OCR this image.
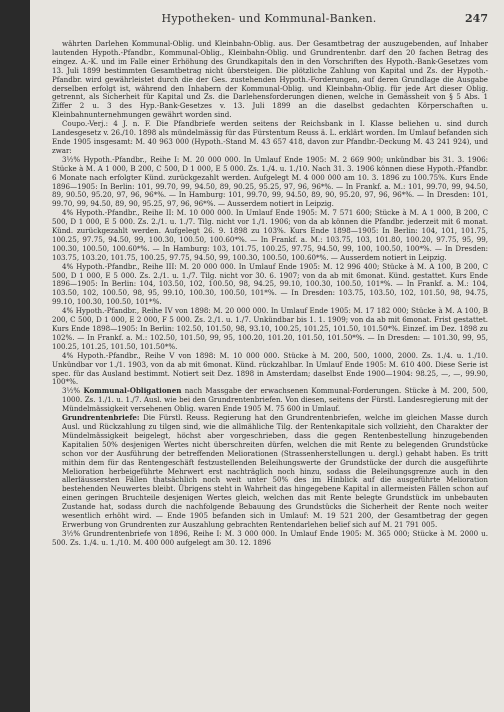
Hypotheken- und Kommunal-Banken.	247

währten Darlehen Kommunal-Oblig. und Kleinbahn-Oblig. aus. Der Gesamtbetrag der auszugebenden, auf Inhaber lautenden Hypoth.-Pfandbr., Kommunal-Oblig., Kleinbahn-Oblig. und Grundrentenbr. darf den 20 fachen Betrag des eingez. A.-K. und im Falle einer Erhöhung des Grundkapitals den in den Vorschriften des Hypoth.-Bank-Gesetzes vom 13. Juli 1899 bestimmten Gesamtbetrag nicht übersteigen. Die plötzliche Zahlung von Kapital und Zs. der Hypoth.-Pfandbr. wird gewährleistet durch die der Ges. zustehenden Hypoth.-Forderungen, auf deren Grundlage die Ausgabe derselben erfolgt ist, während den Inhabern der Kommunal-Oblig. und Kleinbahn-Oblig. für jede Art dieser Oblig. getrennt, als Sicherheit für Kapital und Zs. die Darlehensforderungen dienen, welche in Gemässheit von § 5 Abs. 1 Ziffer 2 u. 3 des Hyp.-Bank-Gesetzes v. 13. Juli 1899 an die daselbst gedachten Körperschaften u. Kleinbahnunternehmungen gewährt worden sind.

Coupo.-Verj.: 4 J. n. F. Die Pfandbriefe werden seitens der Reichsbank in I. Klasse beliehen u. sind durch Landesgesetz v. 26./10. 1898 als mündelmässig für das Fürstentum Reuss ä. L. erklärt worden. Im Umlauf befanden sich Ende 1905 insgesamt: M. 40 963 000 (Hypoth.-Stand M. 43 657 418, davon zur Pfandbr.-Deckung M. 43 241 924), und zwar:

3½% Hypoth.-Pfandbr., Reihe I: M. 20 000 000. In Umlauf Ende 1905: M. 2 669 900; unkündbar bis 31. 3. 1906: Stücke à M. A 1 000, B 200, C 500, D 1 000, E 5 000. Zs. 1./4. u. 1./10. Nach 31. 3. 1906 können diese Hypoth.-Pfandbr. 6 Monate nach erfolgter Künd. zurückgezahlt werden. Aufgelegt M. 4 000 000 am 10. 3. 1896 zu 100.75%. Kurs Ende 1896—1905: In Berlin: 101, 99.70, 99, 94.50, 89, 90.25, 95.25, 97, 96, 96*%. — In Frankf. a. M.: 101, 99.70, 99, 94.50, 89, 90.50, 95.20, 97, 96, 96*%. — In Hamburg: 101, 99.70, 99, 94.50, 89, 90, 95.20, 97, 96, 96*%. — In Dresden: 101, 99.70, 99, 94.50, 89, 90, 95.25, 97, 96, 96*%. — Ausserdem notiert in Leipzig.

4% Hypoth.-Pfandbr., Reihe II: M. 10 000 000. In Umlauf Ende 1905: M. 7 571 600; Stücke à M. A 1 000, B 200, C 500, D 1 000, E 5 000. Zs. 2./1. u. 1./7. Tilg. nicht vor 1./1. 1906; von da ab können die Pfandbr. jederzeit mit 6 monat. Künd. zurückgezahlt werden. Aufgelegt 26. 9. 1898 zu 103%. Kurs Ende 1898—1905: In Berlin: 104, 101, 101.75, 100.25, 97.75, 94.50, 99, 100.30, 100.50, 100.60*%. — In Frankf. a. M.: 103.75, 103, 101.80, 100.20, 97.75, 95, 99, 100.30, 100.50, 100.60*%. — In Hamburg: 103, 101.75, 100.25, 97.75, 94.50, 99, 100, 100.50, 100*%. — In Dresden: 103.75, 103.20, 101.75, 100.25, 97.75, 94.50, 99, 100.30, 100.50, 100.60*%. — Ausserdem notiert in Leipzig.

4% Hypoth.-Pfandbr., Reihe III: M. 20 000 000. In Umlauf Ende 1905: M. 12 996 400; Stücke à M. A 100, B 200, C 500, D 1 000, E 5 000. Zs. 2./1. u. 1./7. Tilg. nicht vor 30. 6. 1907; von da ab mit 6monat. Künd. gestattet. Kurs Ende 1896—1905: In Berlin: 104, 103.50, 102, 100.50, 98, 94.25, 99.10, 100.30, 100.50, 101*%. — In Frankf. a. M.: 104, 103.50, 102, 100.50, 98, 95, 99.10, 100.30, 100.50, 101*%. — In Dresden: 103.75, 103.50, 102, 101.50, 98, 94.75, 99.10, 100.30, 100.50, 101*%.

4% Hypoth.-Pfandbr., Reihe IV von 1898: M. 20 000 000. In Umlauf Ende 1905: M. 17 182 000; Stücke à M. A 100, B 200, C 500, D 1 000, E 2 000, F 5 000. Zs. 2./1. u. 1./7. Unkündbar bis 1. 1. 1909; von da ab mit 6monat. Frist gestattet. Kurs Ende 1898—1905: In Berlin: 102.50, 101.50, 98, 93.10, 100.25, 101.25, 101.50, 101.50*%. Einzef. im Dez. 1898 zu 102%. — In Frankf. a. M.: 102.50, 101.50, 99, 95, 100.20, 101.20, 101.50, 101.50*%. — In Dresden: — 101.30, 99, 95, 100.25, 101.25, 101.50, 101.50*%.

4% Hypoth.-Pfandbr., Reihe V von 1898: M. 10 000 000. Stücke à M. 200, 500, 1000, 2000. Zs. 1./4. u. 1./10. Unkündbar vor 1./1. 1903, von da ab mit 6monat. Künd. rückzahlbar. In Umlauf Ende 1905: M. 610 400. Diese Serie ist spec. für das Ausland bestimmt. Notiert seit Dez. 1898 in Amsterdam; daselbst Ende 1900—1904: 98.25, —, —, 99.90, 100*%.

3½% Kommunal-Obligationen nach Massgabe der erwachsenen Kommunal-Forderungen. Stücke à M. 200, 500, 1000. Zs. 1./1. u. 1./7. Ausl. wie bei den Grundrentenbriefen. Von diesen, seitens der Fürstl. Landesregierung mit der Mündelmässigkeit versehenen Oblig. waren Ende 1905 M. 75 600 in Umlauf.

Grundrentenbriefe: Die Fürstl. Reuss. Regierung hat den Grundrentenbriefen, welche im gleichen Masse durch Ausl. und Rückzahlung zu tilgen sind, wie die allmähliche Tilg. der Rentenkapitale sich vollzieht, den Charakter der Mündelmässigkeit beigelegt, höchst aber vorgeschrieben, dass die gegen Rentenbestellung hinzugebenden Kapitalien 50% desjenigen Wertes nicht überschreiten dürfen, welchen die mit Rente zu belegenden Grundstücke schon vor der Ausführung der betreffenden Meliorationen (Strassenherstellungen u. dergl.) gehabt haben. Es tritt mithin dem für das Rentengeschäft festzustellenden Beleihungswerte der Grundstücke der durch die ausgeführte Melioration herbeigeführte Mehrwert erst nachträglich noch hinzu, sodass die Beleihungsgrenze auch in den allerläussersten Fällen thatsächlich noch weit unter 50% des im Hinblick auf die ausgeführte Melioration bestehenden Neuwertes bleibt. Übrigens steht in Wahrheit das hingegebene Kapital in allermeisten Fällen schon auf einen geringen Bruchteile desjenigen Wertes gleich, welchen das mit Rente belegte Grundstück im unbebauten Zustande hat, sodass durch die nachfolgende Bebauung des Grundstücks die Sicherheit der Rente noch weiter wesentlich erhöht wird. — Ende 1905 befanden sich in Umlauf: M. 19 521 200, der Gesamtbetrag der gegen Erwerbung von Grundrenten zur Auszahlung gebrachten Rentendarlehen belief sich auf M. 21 791 005.

3½% Grundrentenbriefe von 1896, Reihe I: M. 3 000 000. In Umlauf Ende 1905: M. 365 000; Stücke à M. 2000 u. 500. Zs. 1./4. u. 1./10. M. 400 000 aufgelegt am 30. 12. 1896
